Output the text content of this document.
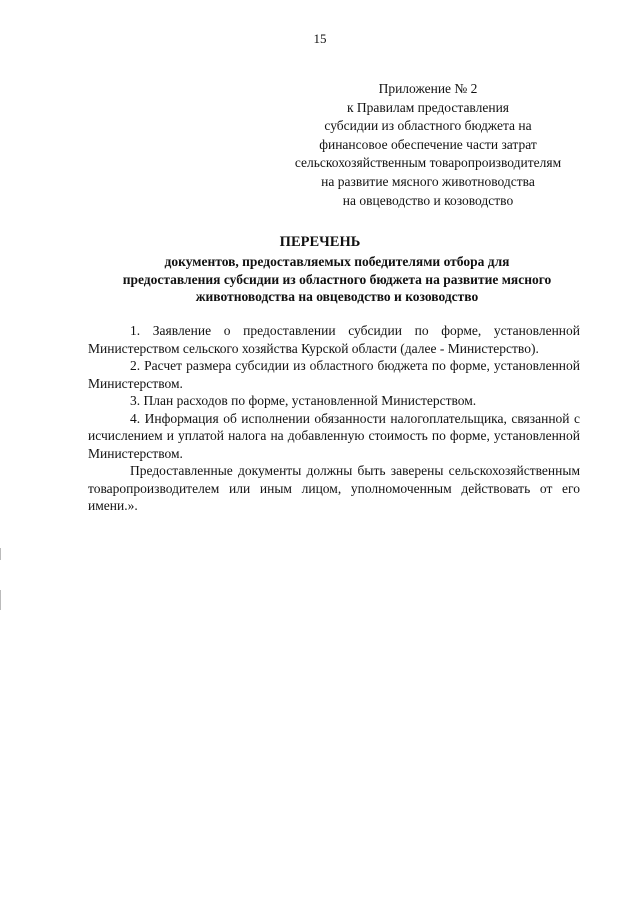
15
Приложение № 2
к Правилам предоставления
субсидии из областного бюджета на
финансовое обеспечение части затрат
сельскохозяйственным товаропроизводителям
на развитие мясного животноводства
на овцеводство и козоводство
ПЕРЕЧЕНЬ
документов, предоставляемых победителями отбора для
предоставления субсидии из областного бюджета на развитие мясного
животноводства на овцеводство и козоводство

1. Заявление о предоставлении субсидии по форме, установленной Министерством сельского хозяйства Курской области (далее - Министерство).

2. Расчет размера субсидии из областного бюджета по форме, установленной Министерством.

3. План расходов по форме, установленной Министерством.

4. Информация об исполнении обязанности налогоплательщика, связанной с исчислением и уплатой налога на добавленную стоимость по форме, установленной Министерством.

Предоставленные документы должны быть заверены сельскохозяйственным товаропроизводителем или иным лицом, уполномоченным действовать от его имени.».
